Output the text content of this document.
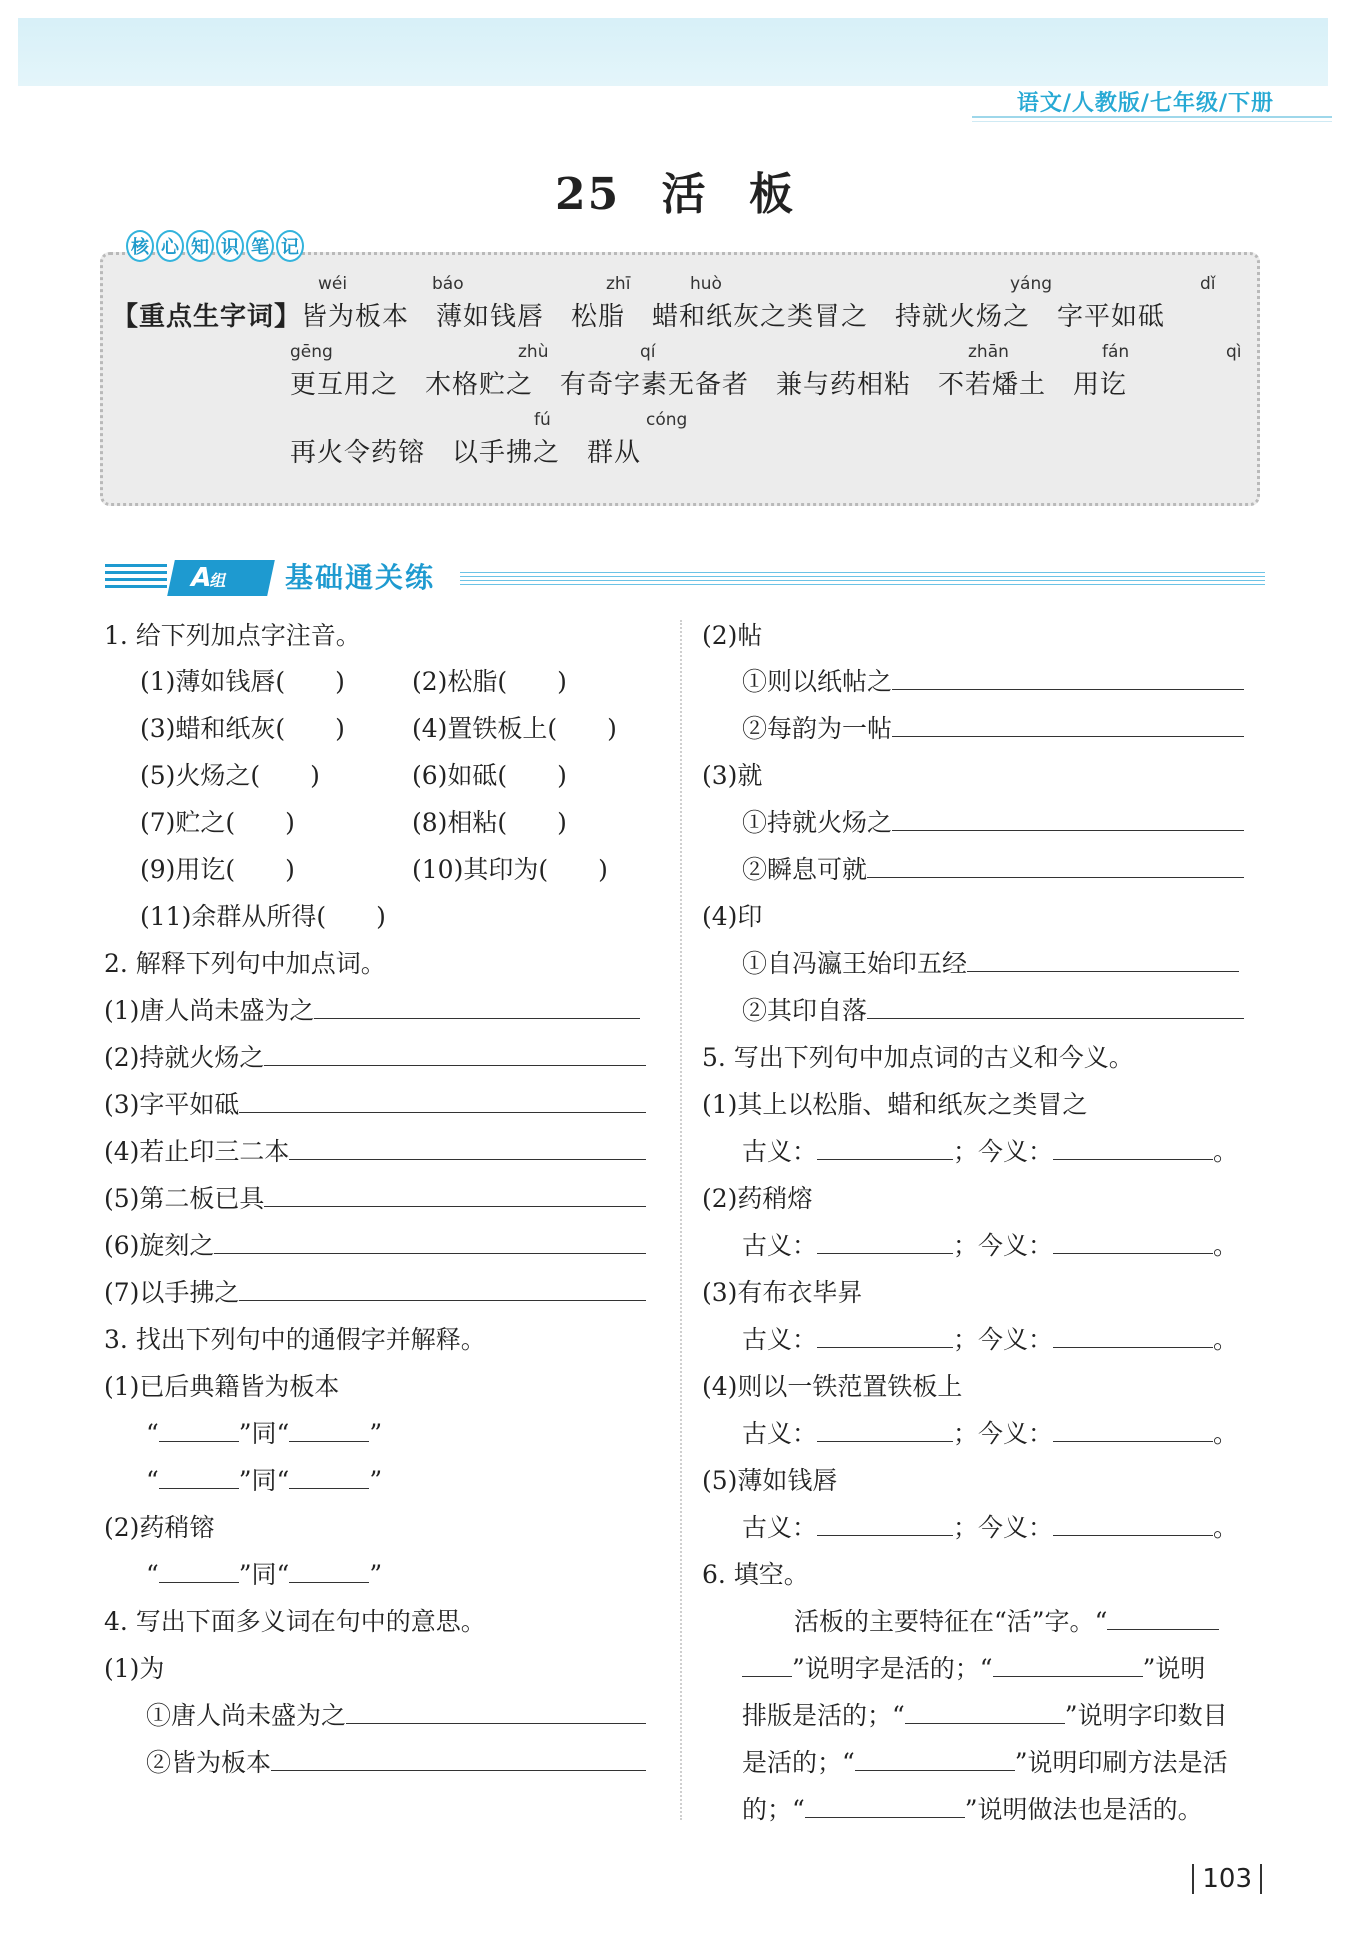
语文/人教版/七年级/下册
25 活 板
核 心 知 识 笔 记
wéi	báo	zhī	huò	yáng	dǐ
【重点生字词】皆为板本　薄如钱唇　松脂　蜡和纸灰之类冒之　持就火炀之　字平如砥
gēng	zhù	qí	zhān	fán	qì
更互用之　木格贮之　有奇字素无备者　兼与药相粘　不若燔土　用讫
fú	cóng
再火令药镕　以手拂之　群从
A组	基础通关练
1. 给下列加点字注音。
(1)薄如钱唇(　　)	(2)松脂(　　)
(3)蜡和纸灰(　　)	(4)置铁板上(　　)
(5)火炀之(　　)	(6)如砥(　　)
(7)贮之(　　)	(8)相粘(　　)
(9)用讫(　　)	(10)其印为(　　)
(11)余群从所得(　　)
2. 解释下列句中加点词。
(1)唐人尚未盛为之
(2)持就火炀之
(3)字平如砥
(4)若止印三二本
(5)第二板已具
(6)旋刻之
(7)以手拂之
3. 找出下列句中的通假字并解释。
(1)已后典籍皆为板本
“	”同“	”
“	”同“	”
(2)药稍镕
“	”同“	”
4. 写出下面多义词在句中的意思。
(1)为
①唐人尚未盛为之
②皆为板本
(2)帖
①则以纸帖之
②每韵为一帖
(3)就
①持就火炀之
②瞬息可就
(4)印
①自冯瀛王始印五经
②其印自落
5. 写出下列句中加点词的古义和今义。
(1)其上以松脂、蜡和纸灰之类冒之
古义：	；今义：	。
(2)药稍熔
古义：	；今义：	。
(3)有布衣毕昇
古义：	；今义：	。
(4)则以一铁范置铁板上
古义：	；今义：	。
(5)薄如钱唇
古义：	；今义：	。
6. 填空。
活板的主要特征在“活”字。“
”说明字是活的；“	”说明
排版是活的；“	”说明字印数目
是活的；“	”说明印刷方法是活
的；“	”说明做法也是活的。
103
